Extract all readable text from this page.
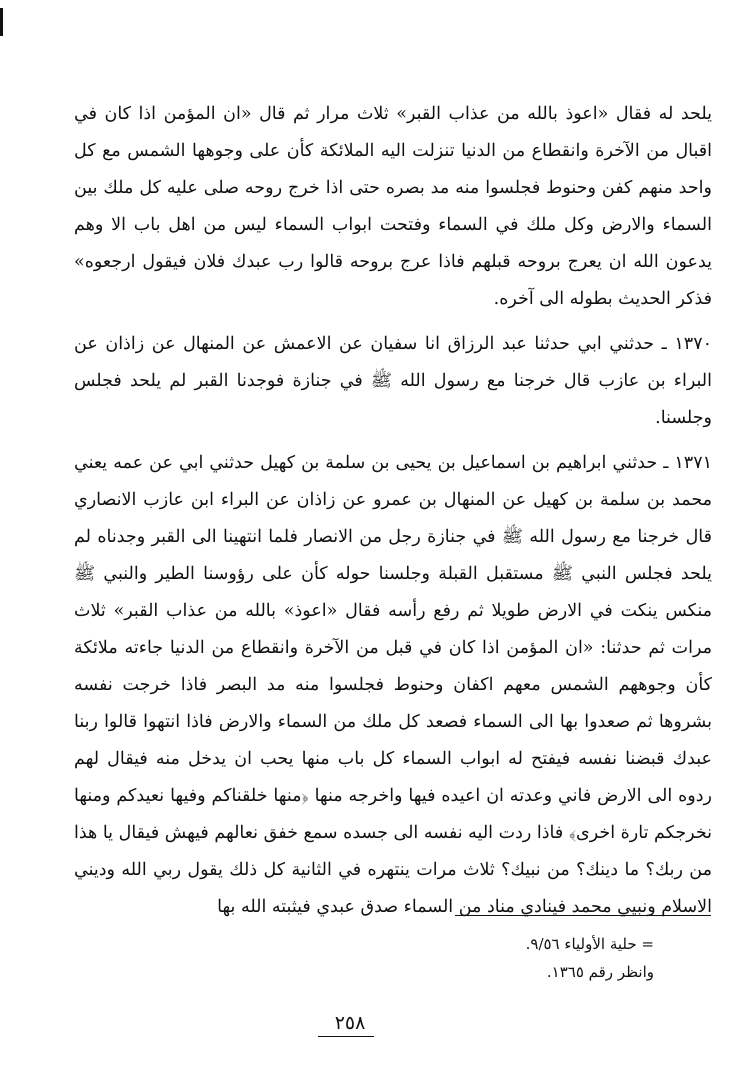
يلحد له فقال «اعوذ بالله من عذاب القبر» ثلاث مرار ثم قال «ان المؤمن اذا كان في اقبال من الآخرة وانقطاع من الدنيا تنزلت اليه الملائكة كأن على وجوهها الشمس مع كل واحد منهم كفن وحنوط فجلسوا منه مد بصره حتى اذا خرج روحه صلى عليه كل ملك بين السماء والارض وكل ملك في السماء وفتحت ابواب السماء ليس من اهل باب الا وهم يدعون الله ان يعرج بروحه قبلهم فاذا عرج بروحه قالوا رب عبدك فلان فيقول ارجعوه» فذكر الحديث بطوله الى آخره.

١٣٧٠ ـ حدثني ابي حدثنا عبد الرزاق انا سفيان عن الاعمش عن المنهال عن زاذان عن البراء بن عازب قال خرجنا مع رسول الله ﷺ في جنازة فوجدنا القبر لم يلحد فجلس وجلسنا.

١٣٧١ ـ حدثني ابراهيم بن اسماعيل بن يحيى بن سلمة بن كهيل حدثني ابي عن عمه يعني محمد بن سلمة بن كهيل عن المنهال بن عمرو عن زاذان عن البراء ابن عازب الانصاري قال خرجنا مع رسول الله ﷺ في جنازة رجل من الانصار فلما انتهينا الى القبر وجدناه لم يلحد فجلس النبي ﷺ مستقبل القبلة وجلسنا حوله كأن على رؤوسنا الطير والنبي ﷺ منكس ينكت في الارض طويلا ثم رفع رأسه فقال «اعوذ» بالله من عذاب القبر» ثلاث مرات ثم حدثنا: «ان المؤمن اذا كان في قبل من الآخرة وانقطاع من الدنيا جاءته ملائكة كأن وجوههم الشمس معهم اكفان وحنوط فجلسوا منه مد البصر فاذا خرجت نفسه بشروها ثم صعدوا بها الى السماء فصعد كل ملك من السماء والارض فاذا انتهوا قالوا ربنا عبدك قبضنا نفسه فيفتح له ابواب السماء كل باب منها يحب ان يدخل منه فيقال لهم ردوه الى الارض فاني وعدته ان اعيده فيها واخرجه منها ﴿منها خلقناكم وفيها نعيدكم ومنها نخرجكم تارة اخرى﴾ فاذا ردت اليه نفسه الى جسده سمع خفق نعالهم فيهش فيقال يا هذا من ربك؟ ما دينك؟ من نبيك؟ ثلاث مرات ينتهره في الثانية كل ذلك يقول ربي الله وديني الاسلام ونبيي محمد فينادي مناد من السماء صدق عبدي فيثبته الله بها

= حلية الأولياء ٩/٥٦.

وانظر رقم ١٣٦٥.

٢٥٨
